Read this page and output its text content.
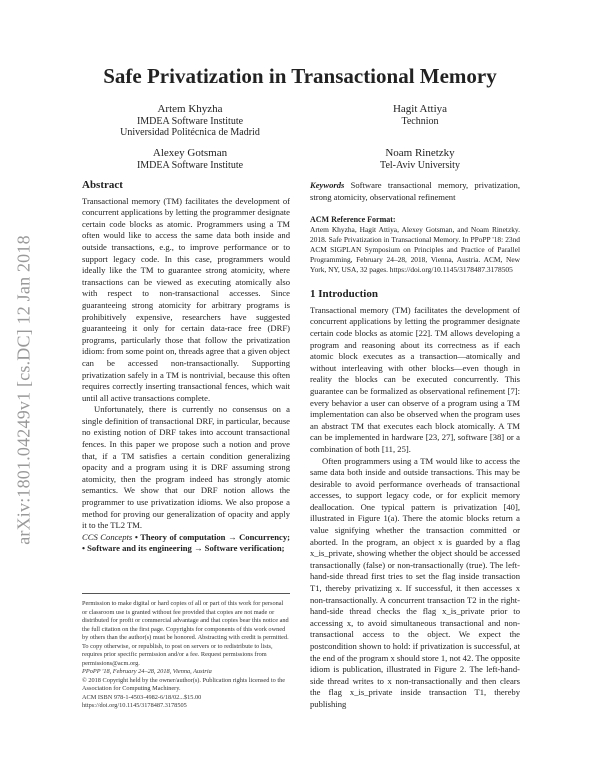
arXiv:1801.04249v1 [cs.DC] 12 Jan 2018
Safe Privatization in Transactional Memory
Artem Khyzha
IMDEA Software Institute
Universidad Politécnica de Madrid
Hagit Attiya
Technion
Alexey Gotsman
IMDEA Software Institute
Noam Rinetzky
Tel-Aviv University
Abstract

Transactional memory (TM) facilitates the development of concurrent applications by letting the programmer designate certain code blocks as atomic. Programmers using a TM often would like to access the same data both inside and outside transactions, e.g., to improve performance or to support legacy code. In this case, programmers would ideally like the TM to guarantee strong atomicity, where transactions can be viewed as executing atomically also with respect to non-transactional accesses. Since guaranteeing strong atomicity for arbitrary programs is prohibitively expensive, researchers have suggested guaranteeing it only for certain data-race free (DRF) programs, particularly those that follow the privatization idiom: from some point on, threads agree that a given object can be accessed non-transactionally. Supporting privatization safely in a TM is nontrivial, because this often requires correctly inserting transactional fences, which wait until all active transactions complete.

Unfortunately, there is currently no consensus on a single definition of transactional DRF, in particular, because no existing notion of DRF takes into account transactional fences. In this paper we propose such a notion and prove that, if a TM satisfies a certain condition generalizing opacity and a program using it is DRF assuming strong atomicity, then the program indeed has strongly atomic semantics. We show that our DRF notion allows the programmer to use privatization idioms. We also propose a method for proving our generalization of opacity and apply it to the TL2 TM.

CCS Concepts • Theory of computation → Concurrency; • Software and its engineering → Software verification;

Permission to make digital or hard copies of all or part of this work for personal or classroom use is granted without fee provided that copies are not made or distributed for profit or commercial advantage and that copies bear this notice and the full citation on the first page. Copyrights for components of this work owned by others than the author(s) must be honored. Abstracting with credit is permitted. To copy otherwise, or republish, to post on servers or to redistribute to lists, requires prior specific permission and/or a fee. Request permissions from permissions@acm.org.
PPoPP '18, February 24–28, 2018, Vienna, Austria
© 2018 Copyright held by the owner/author(s). Publication rights licensed to the Association for Computing Machinery.
ACM ISBN 978-1-4503-4982-6/18/02...$15.00
https://doi.org/10.1145/3178487.3178505

Keywords Software transactional memory, privatization, strong atomicity, observational refinement

ACM Reference Format:
Artem Khyzha, Hagit Attiya, Alexey Gotsman, and Noam Rinetzky. 2018. Safe Privatization in Transactional Memory. In PPoPP '18: 23nd ACM SIGPLAN Symposium on Principles and Practice of Parallel Programming, February 24–28, 2018, Vienna, Austria. ACM, New York, NY, USA, 32 pages. https://doi.org/10.1145/3178487.3178505

1 Introduction

Transactional memory (TM) facilitates the development of concurrent applications by letting the programmer designate certain code blocks as atomic [22]. TM allows developing a program and reasoning about its correctness as if each atomic block executes as a transaction—atomically and without interleaving with other blocks—even though in reality the blocks can be executed concurrently. This guarantee can be formalized as observational refinement [7]: every behavior a user can observe of a program using a TM implementation can also be observed when the program uses an abstract TM that executes each block atomically. A TM can be implemented in hardware [23, 27], software [38] or a combination of both [11, 25].

Often programmers using a TM would like to access the same data both inside and outside transactions. This may be desirable to avoid performance overheads of transactional accesses, to support legacy code, or for explicit memory deallocation. One typical pattern is privatization [40], illustrated in Figure 1(a). There the atomic blocks return a value signifying whether the transaction committed or aborted. In the program, an object x is guarded by a flag x_is_private, showing whether the object should be accessed transactionally (false) or non-transactionally (true). The left-hand-side thread first tries to set the flag inside transaction T1, thereby privatizing x. If successful, it then accesses x non-transactionally. A concurrent transaction T2 in the right-hand-side thread checks the flag x_is_private prior to accessing x, to avoid simultaneous transactional and non-transactional access to the object. We expect the postcondition shown to hold: if privatization is successful, at the end of the program x should store 1, not 42. The opposite idiom is publication, illustrated in Figure 2. The left-hand-side thread writes to x non-transactionally and then clears the flag x_is_private inside transaction T1, thereby publishing
